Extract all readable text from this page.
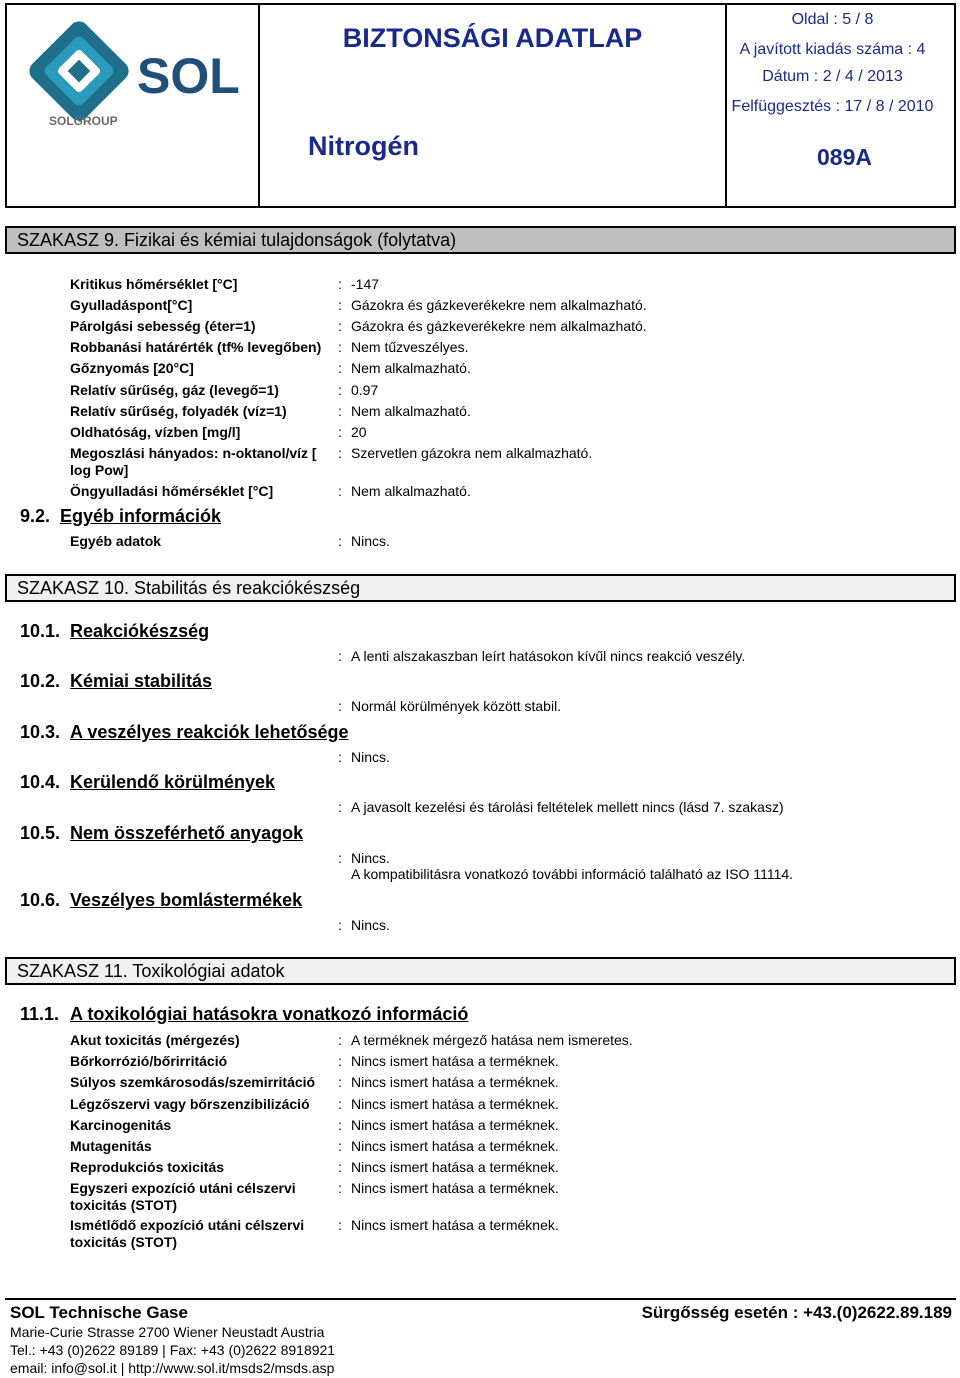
SOL
SOLGROUP
BIZTONSÁGI ADATLAP
Nitrogén
Oldal : 5 / 8
A javított kiadás száma : 4
Dátum : 2 / 4 / 2013
Felfüggesztés : 17 / 8 / 2010
089A
SZAKASZ 9. Fizikai és kémiai tulajdonságok (folytatva)
Kritikus hőmérséklet [°C]	: -147
Gyulladáspont[°C]	: Gázokra és gázkeverékekre nem alkalmazható.
Párolgási sebesség (éter=1)	: Gázokra és gázkeverékekre nem alkalmazható.
Robbanási határérték (tf% levegőben)	: Nem tűzveszélyes.
Gőznyomás [20°C]	: Nem alkalmazható.
Relatív sűrűség, gáz (levegő=1)	: 0.97
Relatív sűrűség, folyadék (víz=1)	: Nem alkalmazható.
Oldhatóság, vízben [mg/l]	: 20
Megoszlási hányados: n-oktanol/víz [ log Pow]
: Szervetlen gázokra nem alkalmazható.
Öngyulladási hőmérséklet [°C]	: Nem alkalmazható.
9.2. Egyéb információk
Egyéb adatok	: Nincs.
SZAKASZ 10. Stabilitás és reakciókészség
10.1. Reakciókészség
: A lenti alszakaszban leírt hatásokon kívűl nincs reakció veszély.
10.2. Kémiai stabilitás
: Normál körülmények között stabil.
10.3. A veszélyes reakciók lehetősége
: Nincs.
10.4. Kerülendő körülmények
: A javasolt kezelési és tárolási feltételek mellett nincs (lásd 7. szakasz)
10.5. Nem összeférhető anyagok
: Nincs.
A kompatibilitásra vonatkozó további információ található az ISO 11114.
10.6. Veszélyes bomlástermékek
: Nincs.
SZAKASZ 11. Toxikológiai adatok
11.1. A toxikológiai hatásokra vonatkozó információ
Akut toxicitás (mérgezés)	: A terméknek mérgező hatása nem ismeretes.
Bőrkorrózió/bőrirritáció	: Nincs ismert hatása a terméknek.
Súlyos szemkárosodás/szemirritáció	: Nincs ismert hatása a terméknek.
Légzőszervi vagy bőrszenzibilizáció	: Nincs ismert hatása a terméknek.
Karcinogenitás	: Nincs ismert hatása a terméknek.
Mutagenitás	: Nincs ismert hatása a terméknek.
Reprodukciós toxicitás	: Nincs ismert hatása a terméknek.
Egyszeri expozíció utáni célszervi toxicitás (STOT)
: Nincs ismert hatása a terméknek.
Ismétlődő expozíció utáni célszervi toxicitás (STOT)
: Nincs ismert hatása a terméknek.
SOL Technische Gase	Sürgősség esetén : +43.(0)2622.89.189
Marie-Curie Strasse 2700 Wiener Neustadt Austria
Tel.: +43 (0)2622 89189 | Fax: +43 (0)2622 8918921
email: info@sol.it | http://www.sol.it/msds2/msds.asp
